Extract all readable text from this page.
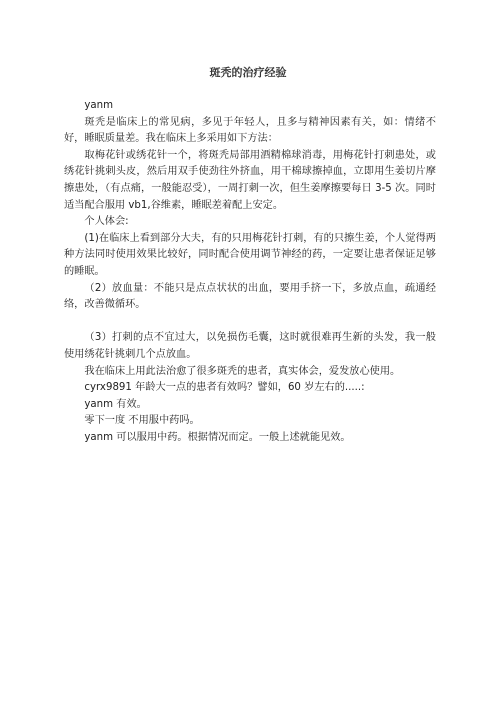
斑秃的治疗经验

yanm

斑秃是临床上的常见病，多见于年轻人，且多与精神因素有关，如：情绪不好，睡眠质量差。我在临床上多采用如下方法：

取梅花针或绣花针一个，将斑秃局部用酒精棉球消毒，用梅花针打刺患处，或绣花针挑刺头皮，然后用双手使劲往外挤血，用干棉球擦掉血，立即用生姜切片摩擦患处，（有点痛，一般能忍受），一周打刺一次，但生姜摩擦要每日 3-5 次。同时适当配合服用 vb1,谷维素，睡眠差着配上安定。

个人体会:

(1)在临床上看到部分大夫，有的只用梅花针打刺，有的只擦生姜，个人觉得两种方法同时使用效果比较好，同时配合使用调节神经的药，一定要让患者保证足够的睡眠。

（2）放血量：不能只是点点状状的出血，要用手挤一下，多放点血，疏通经络，改善微循环。

（3）打刺的点不宜过大，以免损伤毛囊，这时就很难再生新的头发，我一般使用绣花针挑刺几个点放血。

我在临床上用此法治愈了很多斑秃的患者，真实体会，爱发放心使用。

cyrx9891 年龄大一点的患者有效吗？譬如，60 岁左右的.....:

yanm 有效。

零下一度 不用服中药吗。

yanm 可以服用中药。根据情况而定。一般上述就能见效。
